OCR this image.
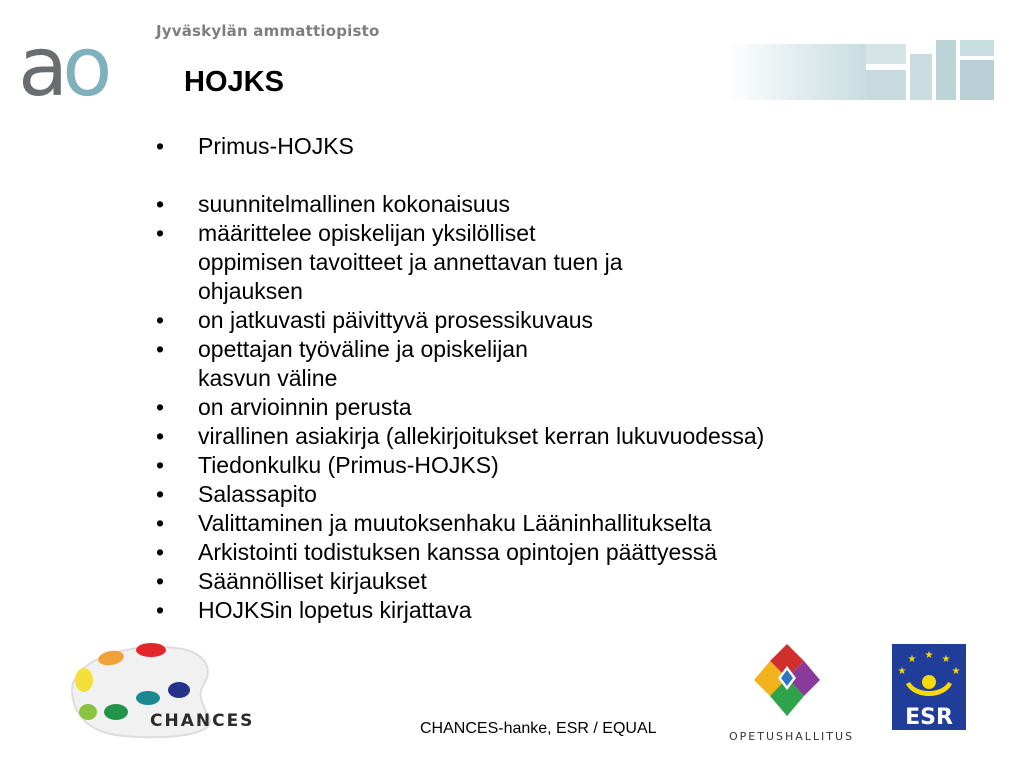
ao	Jyväskylän ammattiopisto
HOJKS
•	Primus-HOJKS
•	suunnitelmallinen kokonaisuus
•	määrittelee opiskelijan yksilölliset
oppimisen tavoitteet ja annettavan tuen ja
ohjauksen
•	on jatkuvasti päivittyvä prosessikuvaus
•	opettajan työväline ja opiskelijan
kasvun väline
•	on arvioinnin perusta
•	virallinen asiakirja (allekirjoitukset kerran lukuvuodessa)
•	Tiedonkulku (Primus-HOJKS)
•	Salassapito
•	Valittaminen ja muutoksenhaku Lääninhallitukselta
•	Arkistointi todistuksen kanssa opintojen päättyessä
•	Säännölliset kirjaukset
•	HOJKSin lopetus kirjattava
CHANCES	CHANCES-hanke, ESR / EQUAL	OPETUSHALLITUS
★
★	★
★	★
ESR
